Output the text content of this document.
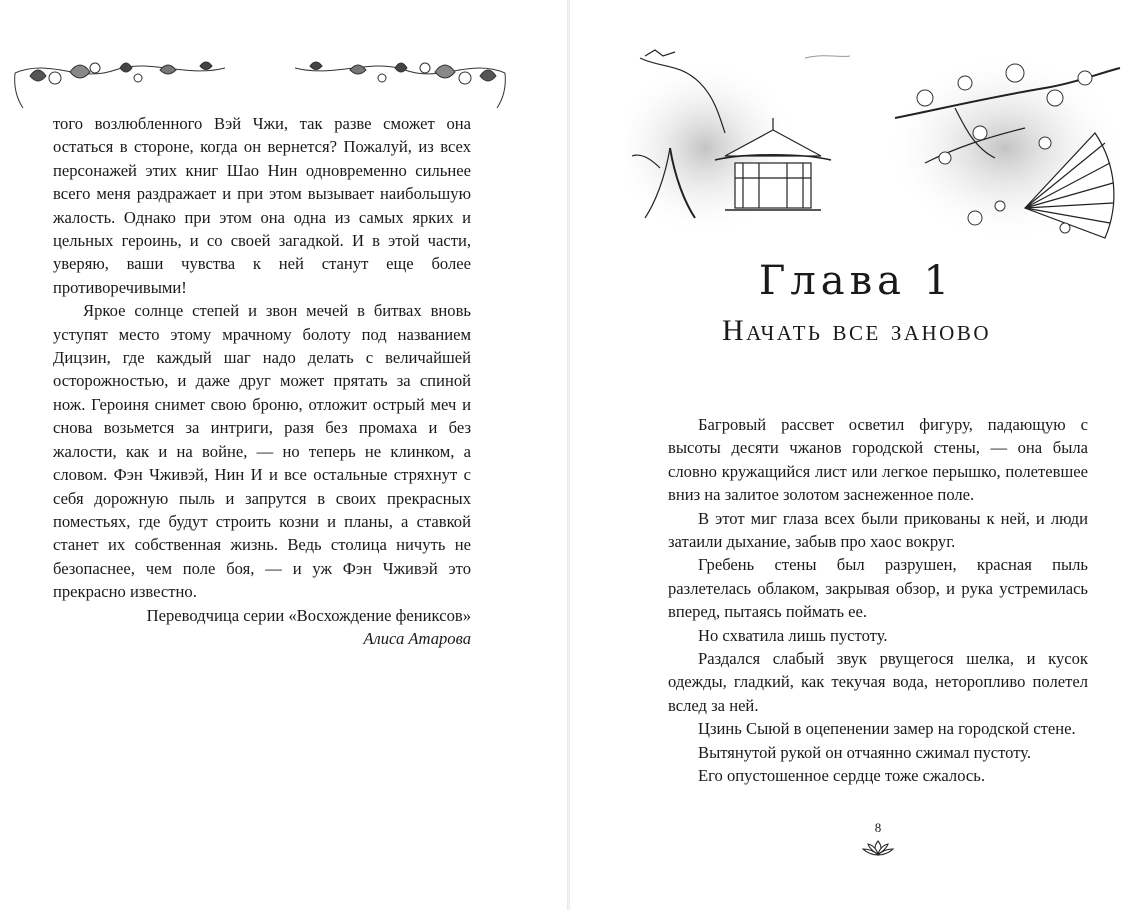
того возлюбленного Вэй Чжи, так разве сможет она остаться в стороне, когда он вернется? Пожалуй, из всех персонажей этих книг Шао Нин одновременно сильнее всего меня раздражает и при этом вызывает наибольшую жалость. Однако при этом она одна из самых ярких и цельных героинь, и со своей загадкой. И в этой части, уверяю, ваши чувства к ней станут еще более противоречивыми!

Яркое солнце степей и звон мечей в битвах вновь уступят место этому мрачному болоту под названием Дицзин, где каждый шаг надо делать с величайшей осторожностью, и даже друг может прятать за спиной нож. Героиня снимет свою броню, отложит острый меч и снова возьмется за интриги, разя без промаха и без жалости, как и на войне, — но теперь не клинком, а словом. Фэн Чживэй, Нин И и все остальные стряхнут с себя дорожную пыль и запрутся в своих прекрасных поместьях, где будут строить козни и планы, а ставкой станет их собственная жизнь. Ведь столица ничуть не безопаснее, чем поле боя, — и уж Фэн Чживэй это прекрасно известно.

Переводчица серии «Восхождение фениксов»

Алиса Атарова

Глава 1
Начать все заново

Багровый рассвет осветил фигуру, падающую с высоты десяти чжанов городской стены, — она была словно кружащийся лист или легкое перышко, полетевшее вниз на залитое золотом заснеженное поле.

В этот миг глаза всех были прикованы к ней, и люди затаили дыхание, забыв про хаос вокруг.

Гребень стены был разрушен, красная пыль разлетелась облаком, закрывая обзор, и рука устремилась вперед, пытаясь поймать ее.

Но схватила лишь пустоту.

Раздался слабый звук рвущегося шелка, и кусок одежды, гладкий, как текучая вода, неторопливо полетел вслед за ней.

Цзинь Сыюй в оцепенении замер на городской стене.

Вытянутой рукой он отчаянно сжимал пустоту.

Его опустошенное сердце тоже сжалось.

8
